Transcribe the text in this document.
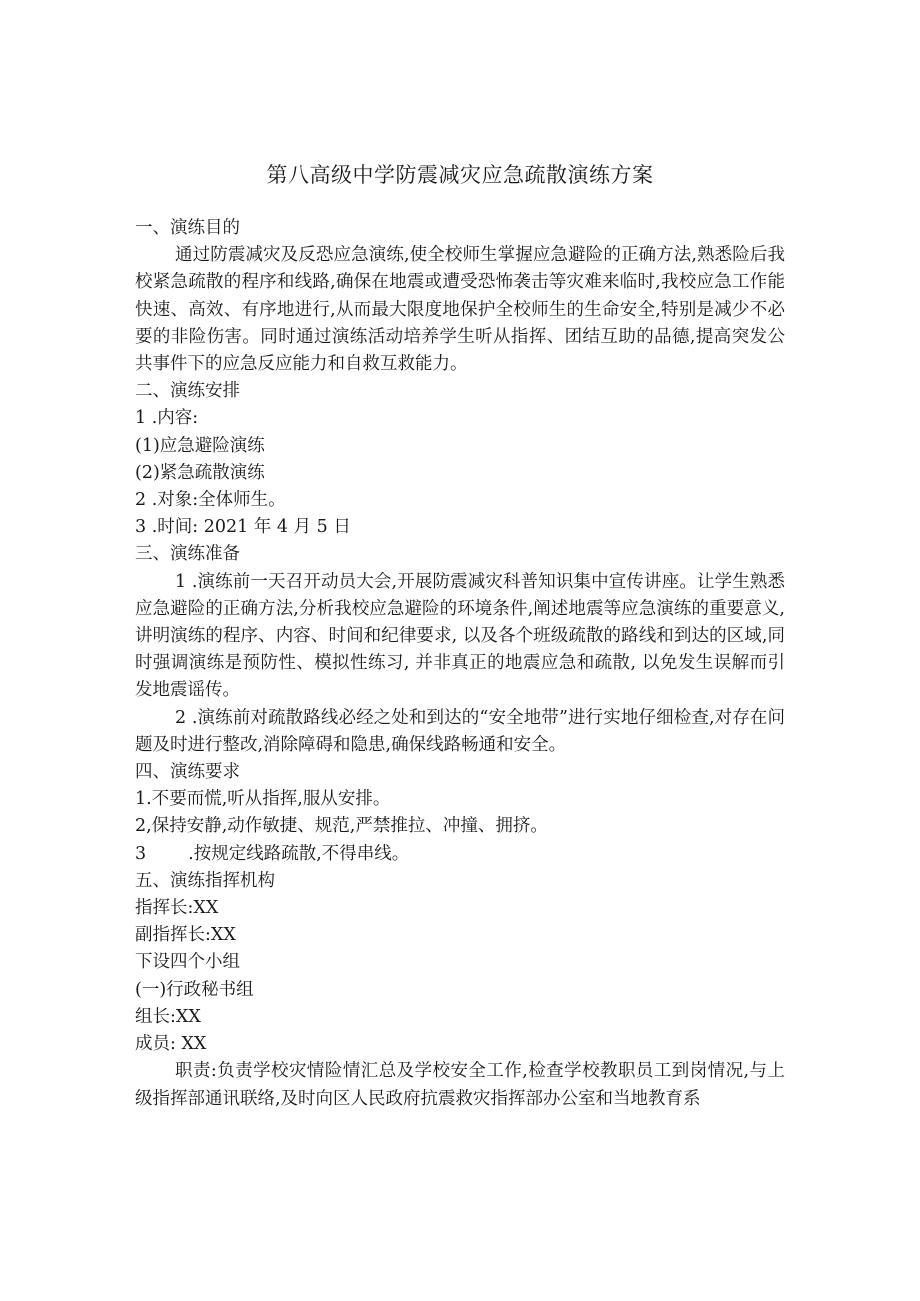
第八高级中学防震减灾应急疏散演练方案

一、演练目的

通过防震减灾及反恐应急演练,使全校师生掌握应急避险的正确方法,熟悉险后我校紧急疏散的程序和线路,确保在地震或遭受恐怖袭击等灾难来临时,我校应急工作能快速、高效、有序地进行,从而最大限度地保护全校师生的生命安全,特别是减少不必要的非险伤害。同时通过演练活动培养学生听从指挥、团结互助的品德,提高突发公共事件下的应急反应能力和自救互救能力。

二、演练安排

1 .内容:

(1)应急避险演练

(2)紧急疏散演练

2 .对象:全体师生。

3 .时间: 2021 年 4 月 5 日

三、演练准备

1 .演练前一天召开动员大会,开展防震减灾科普知识集中宣传讲座。让学生熟悉应急避险的正确方法,分析我校应急避险的环境条件,阐述地震等应急演练的重要意义,讲明演练的程序、内容、时间和纪律要求, 以及各个班级疏散的路线和到达的区域,同时强调演练是预防性、模拟性练习, 并非真正的地震应急和疏散, 以免发生误解而引发地震谣传。

2 .演练前对疏散路线必经之处和到达的“安全地带”进行实地仔细检查,对存在问题及时进行整改,消除障碍和隐患,确保线路畅通和安全。

四、演练要求

1.不要而慌,听从指挥,服从安排。

2,保持安静,动作敏捷、规范,严禁推拉、冲撞、拥挤。

3 .按规定线路疏散,不得串线。

五、演练指挥机构

指挥长:XX

副指挥长:XX

下设四个小组

(一)行政秘书组

组长:XX

成员: XX

职责:负责学校灾情险情汇总及学校安全工作,检查学校教职员工到岗情况,与上级指挥部通讯联络,及时向区人民政府抗震救灾指挥部办公室和当地教育系
